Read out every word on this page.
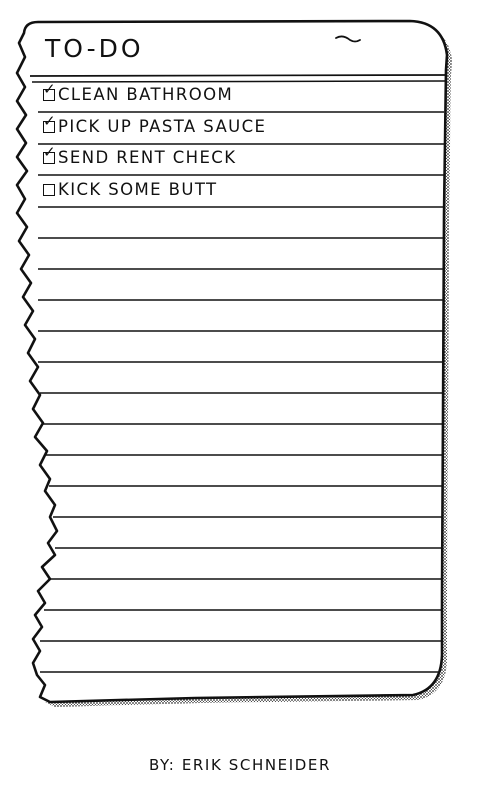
TO-DO
✓ CLEAN BATHROOM
✓ PICK UP PASTA SAUCE
✓ SEND RENT CHECK
KICK SOME BUTT
BY: ERIK SCHNEIDER
